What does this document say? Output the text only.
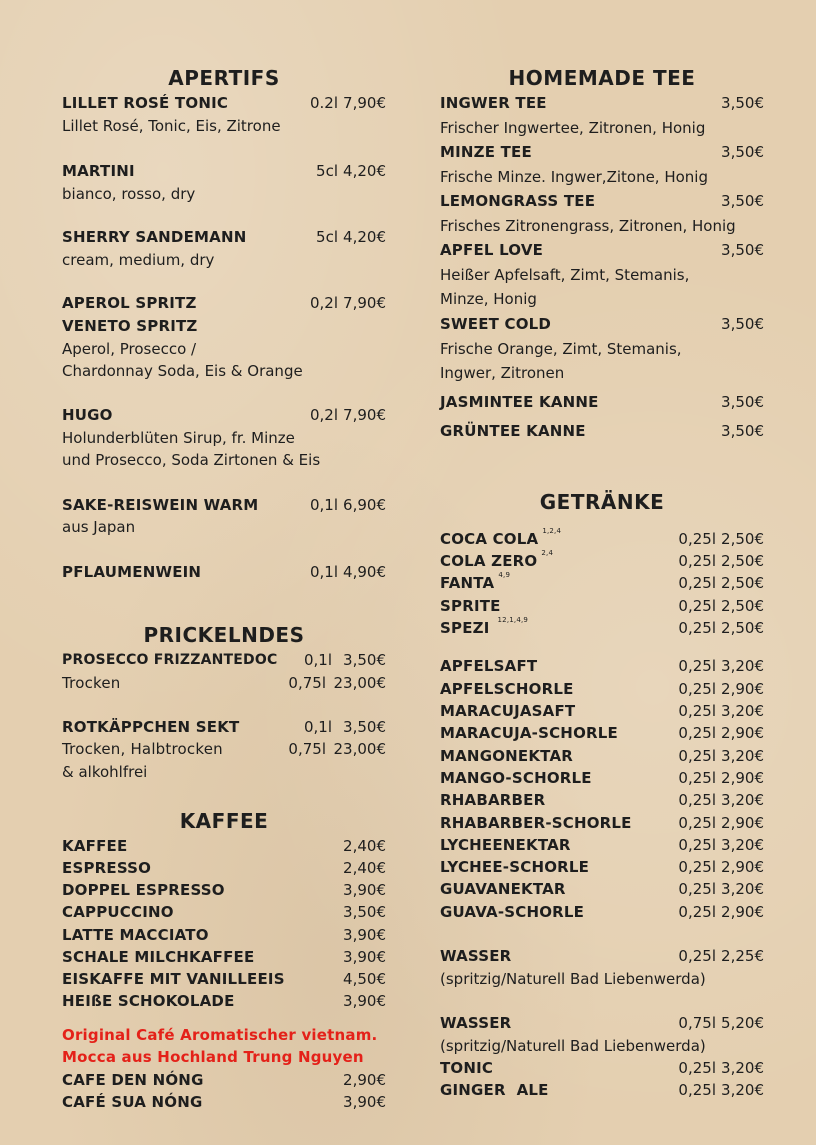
APERTIFS
LILLET ROSÉ TONIC	0.2l 7,90€
Lillet Rosé, Tonic, Eis, Zitrone
MARTINI	5cl 4,20€
bianco, rosso, dry
SHERRY SANDEMANN	5cl 4,20€
cream, medium, dry
APEROL SPRITZ	0,2l 7,90€
VENETO SPRITZ
Aperol, Prosecco /
Chardonnay Soda, Eis & Orange
HUGO	0,2l 7,90€
Holunderblüten Sirup, fr. Minze
und Prosecco, Soda Zirtonen & Eis
SAKE-REISWEIN WARM	0,1l 6,90€
aus Japan
PFLAUMENWEIN	0,1l 4,90€
PRICKELNDES
PROSECCO FRIZZANTEDOC	0,1l 3,50€
Trocken	0,75l 23,00€
ROTKÄPPCHEN SEKT	0,1l 3,50€
Trocken, Halbtrocken	0,75l 23,00€
& alkohlfrei
KAFFEE
KAFFEE	2,40€
ESPRESSO	2,40€
DOPPEL ESPRESSO	3,90€
CAPPUCCINO	3,50€
LATTE MACCIATO	3,90€
SCHALE MILCHKAFFEE	3,90€
EISKAFFE MIT VANILLEEIS	4,50€
HEIßE SCHOKOLADE	3,90€
Original Café Aromatischer vietnam.
Mocca aus Hochland Trung Nguyen
CAFE DEN NÓNG	2,90€
CAFÉ SUA NÓNG	3,90€
HOMEMADE TEE
INGWER TEE	3,50€
Frischer Ingwertee, Zitronen, Honig
MINZE TEE	3,50€
Frische Minze. Ingwer,Zitone, Honig
LEMONGRASS TEE	3,50€
Frisches Zitronengrass, Zitronen, Honig
APFEL LOVE	3,50€
Heißer Apfelsaft, Zimt, Stemanis,
Minze, Honig
SWEET COLD	3,50€
Frische Orange, Zimt, Stemanis,
Ingwer, Zitronen
JASMINTEE KANNE	3,50€
GRÜNTEE KANNE	3,50€
GETRÄNKE
COCA COLA $^{1,2,4}$	0,25l 2,50€
COLA ZERO $^{2,4}$	0,25l 2,50€
FANTA $^{4,9}$	0,25l 2,50€
SPRITE	0,25l 2,50€
SPEZI $^{12,1,4,9}$	0,25l 2,50€
APFELSAFT	0,25l 3,20€
APFELSCHORLE	0,25l 2,90€
MARACUJASAFT	0,25l 3,20€
MARACUJA-SCHORLE	0,25l 2,90€
MANGONEKTAR	0,25l 3,20€
MANGO-SCHORLE	0,25l 2,90€
RHABARBER	0,25l 3,20€
RHABARBER-SCHORLE	0,25l 2,90€
LYCHEENEKTAR	0,25l 3,20€
LYCHEE-SCHORLE	0,25l 2,90€
GUAVANEKTAR	0,25l 3,20€
GUAVA-SCHORLE	0,25l 2,90€
WASSER	0,25l 2,25€
(spritzig/Naturell Bad Liebenwerda)
WASSER	0,75l 5,20€
(spritzig/Naturell Bad Liebenwerda)
TONIC	0,25l 3,20€
GINGER  ALE	0,25l 3,20€
